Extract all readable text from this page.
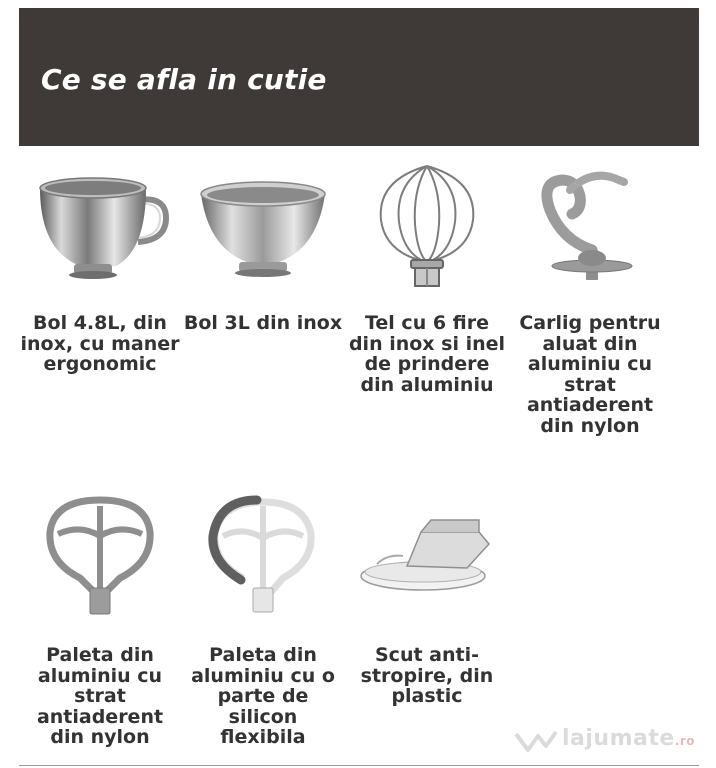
Ce se afla in cutie
Bol 4.8L, din inox, cu maner ergonomic
Bol 3L din inox	Tel cu 6 fire din inox si inel de prindere din aluminiu
Carlig pentru aluat din aluminiu cu strat antiaderent din nylon
Paleta din aluminiu cu strat antiaderent din nylon
Paleta din aluminiu cu o parte de silicon flexibila
Scut anti-stropire, din plastic
lajumate.ro
